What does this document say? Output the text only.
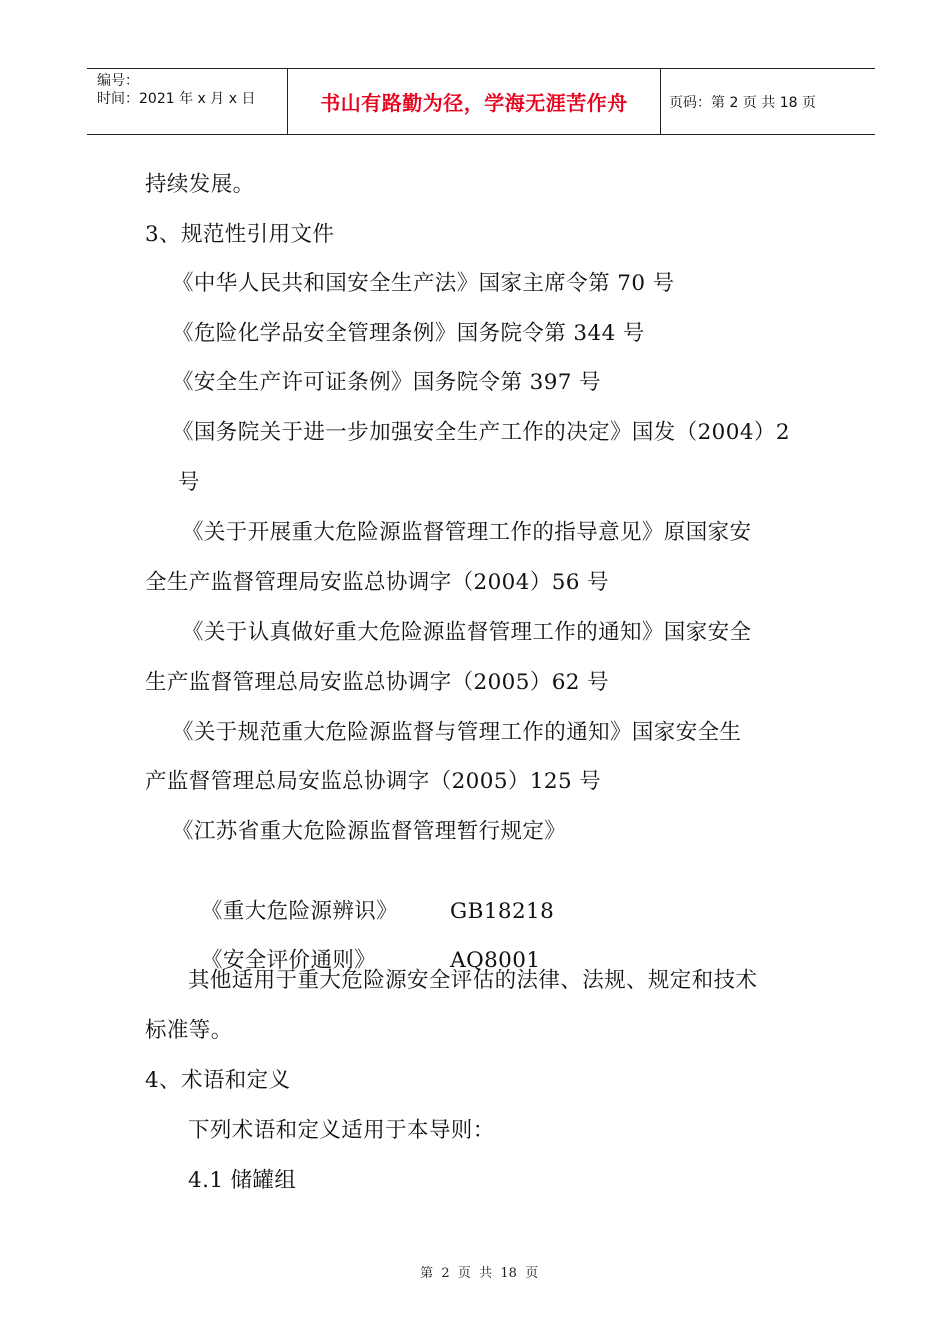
编号：
时间：2021 年 x 月 x 日	书山有路勤为径，学海无涯苦作舟	页码：第 2 页 共 18 页
持续发展。
3、规范性引用文件
《中华人民共和国安全生产法》国家主席令第 70 号
《危险化学品安全管理条例》国务院令第 344 号
《安全生产许可证条例》国务院令第 397 号
《国务院关于进一步加强安全生产工作的决定》国发（2004）2
号
《关于开展重大危险源监督管理工作的指导意见》原国家安
全生产监督管理局安监总协调字（2004）56 号
《关于认真做好重大危险源监督管理工作的通知》国家安全
生产监督管理总局安监总协调字（2005）62 号
《关于规范重大危险源监督与管理工作的通知》国家安全生
产监督管理总局安监总协调字（2005）125 号
《江苏省重大危险源监督管理暂行规定》

《重大危险源辨识》 GB18218

《安全评价通则》	AQ8001

其他适用于重大危险源安全评估的法律、法规、规定和技术
标准等。
4、术语和定义
下列术语和定义适用于本导则：
4.1 储罐组

第  2  页  共  18  页
